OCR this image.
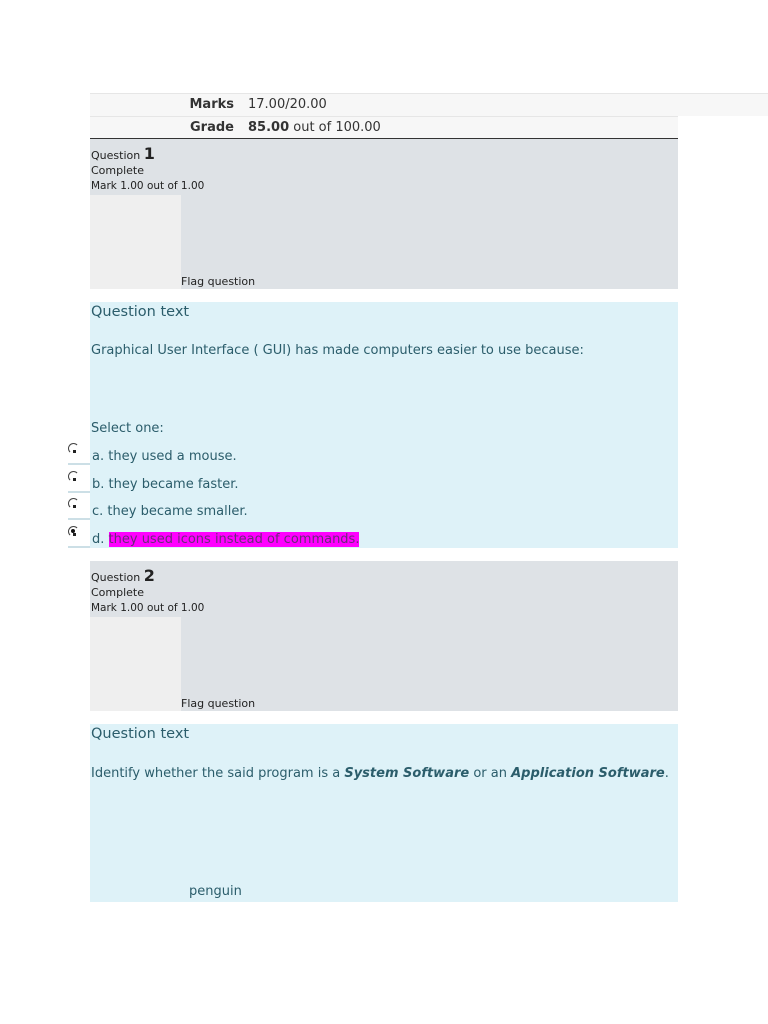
Marks 17.00/20.00
Grade 85.00 out of 100.00
Question 1
Complete
Mark 1.00 out of 1.00
Flag question
Question text
Graphical User Interface ( GUI) has made computers easier to use because:
Select one:
a. they used a mouse.
b. they became faster.
c. they became smaller.
d. they used icons instead of commands.
Question 2
Complete
Mark 1.00 out of 1.00
Flag question
Question text
Identify whether the said program is a System Software or an Application Software.
penguin
